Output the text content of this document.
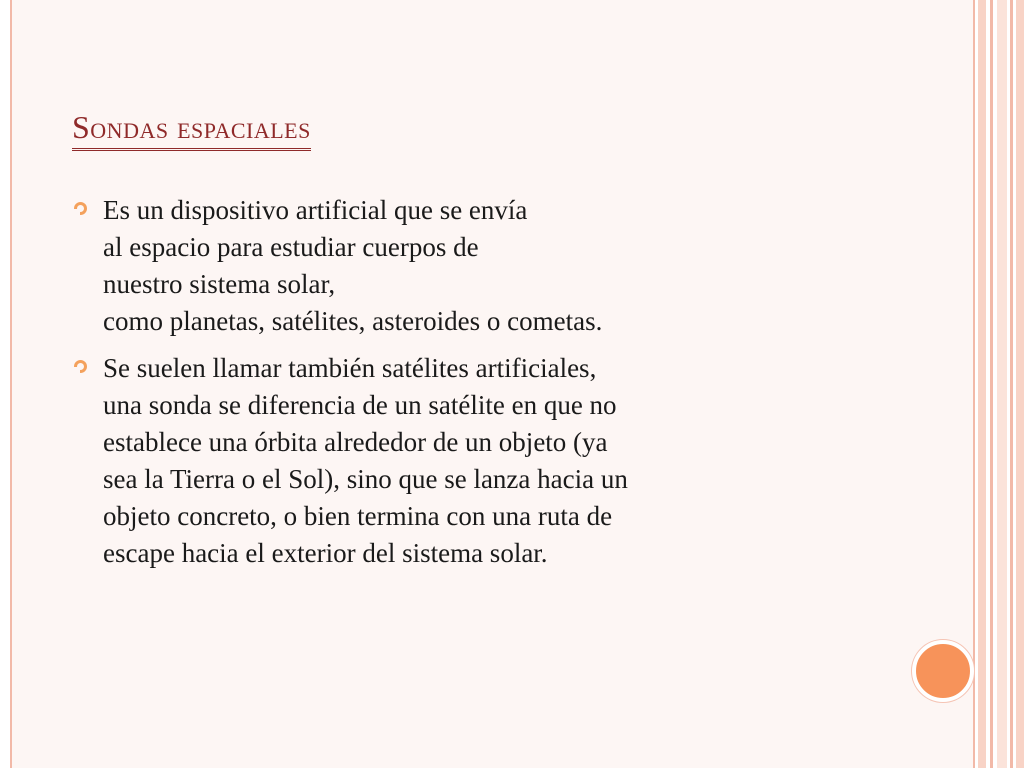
Sondas espaciales
Es un dispositivo artificial que se envía
al espacio para estudiar cuerpos de
nuestro sistema solar,
como planetas, satélites, asteroides o cometas.
Se suelen llamar también satélites artificiales,
una sonda se diferencia de un satélite en que no
establece una órbita alrededor de un objeto (ya
sea la Tierra o el Sol), sino que se lanza hacia un
objeto concreto, o bien termina con una ruta de
escape hacia el exterior del sistema solar.
